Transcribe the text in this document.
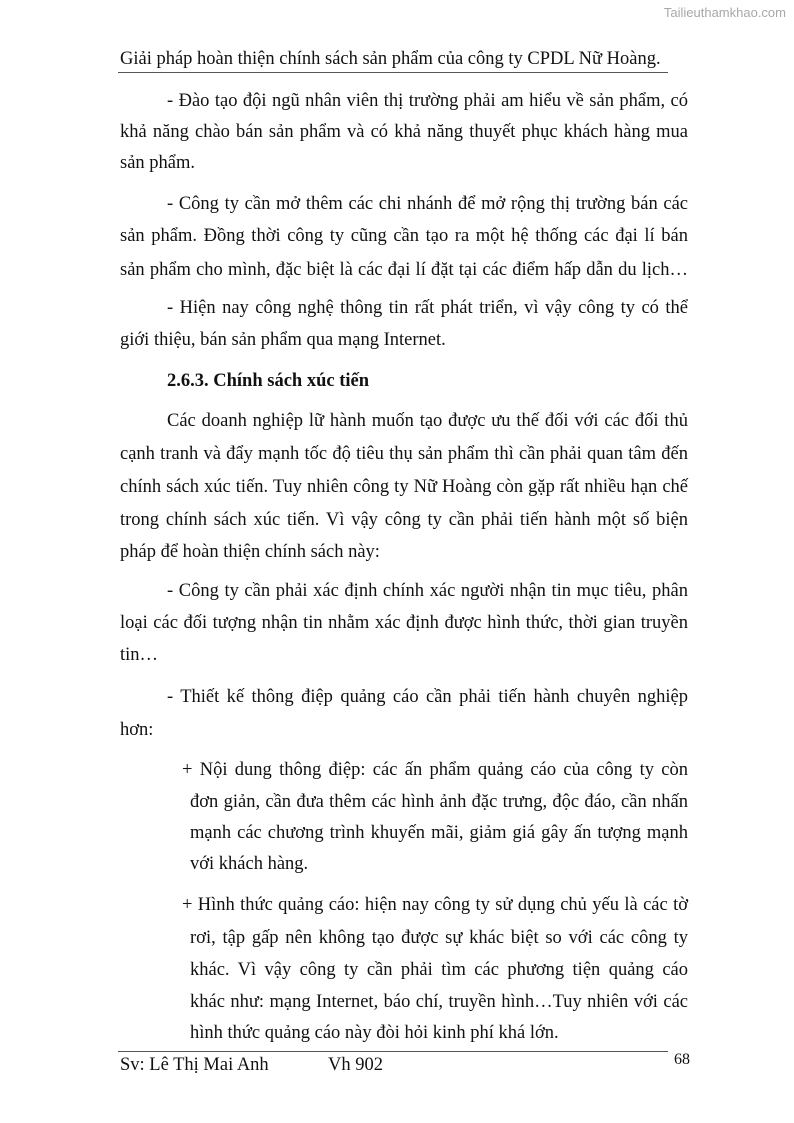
Tailieuthamkhao.com
Giải pháp hoàn thiện chính sách sản phẩm của công ty CPDL Nữ Hoàng.
- Đào tạo đội ngũ nhân viên thị trường phải am hiểu về sản phẩm, có
khả năng chào bán sản phẩm và có khả năng thuyết phục khách hàng mua
sản phẩm.
- Công ty cần mở thêm các chi nhánh để mở rộng thị trường bán các
sản phẩm. Đồng thời công ty cũng cần tạo ra một hệ thống các đại lí bán
sản phẩm cho mình, đặc biệt là các đại lí đặt tại các điểm hấp dẫn du lịch…
- Hiện nay công nghệ thông tin rất phát triển, vì vậy công ty có thể
giới thiệu, bán sản phẩm qua mạng Internet.
2.6.3. Chính sách xúc tiến
Các doanh nghiệp lữ hành muốn tạo được ưu thế đối với các đối thủ
cạnh tranh và đẩy mạnh tốc độ tiêu thụ sản phẩm thì cần phải quan tâm đến
chính sách xúc tiến. Tuy nhiên công ty Nữ Hoàng còn gặp rất nhiều hạn chế
trong chính sách xúc tiến. Vì vậy công ty cần phải tiến hành một số biện
pháp để hoàn thiện chính sách này:
- Công ty cần phải xác định chính xác người nhận tin mục tiêu, phân
loại các đối tượng nhận tin nhằm xác định được hình thức, thời gian truyền
tin…
- Thiết kế thông điệp quảng cáo cần phải tiến hành chuyên nghiệp
hơn:
+ Nội dung thông điệp: các ấn phẩm quảng cáo của công ty còn
đơn giản, cần đưa thêm các hình ảnh đặc trưng, độc đáo, cần nhấn
mạnh các chương trình khuyến mãi, giảm giá gây ấn tượng mạnh
với khách hàng.
+ Hình thức quảng cáo: hiện nay công ty sử dụng chủ yếu là các tờ
rơi, tập gấp nên không tạo được sự khác biệt so với các công ty
khác. Vì vậy công ty cần phải tìm các phương tiện quảng cáo
khác như: mạng Internet, báo chí, truyền hình…Tuy nhiên với các
hình thức quảng cáo này đòi hỏi kinh phí khá lớn.
Sv: Lê Thị Mai Anh	Vh 902	68
